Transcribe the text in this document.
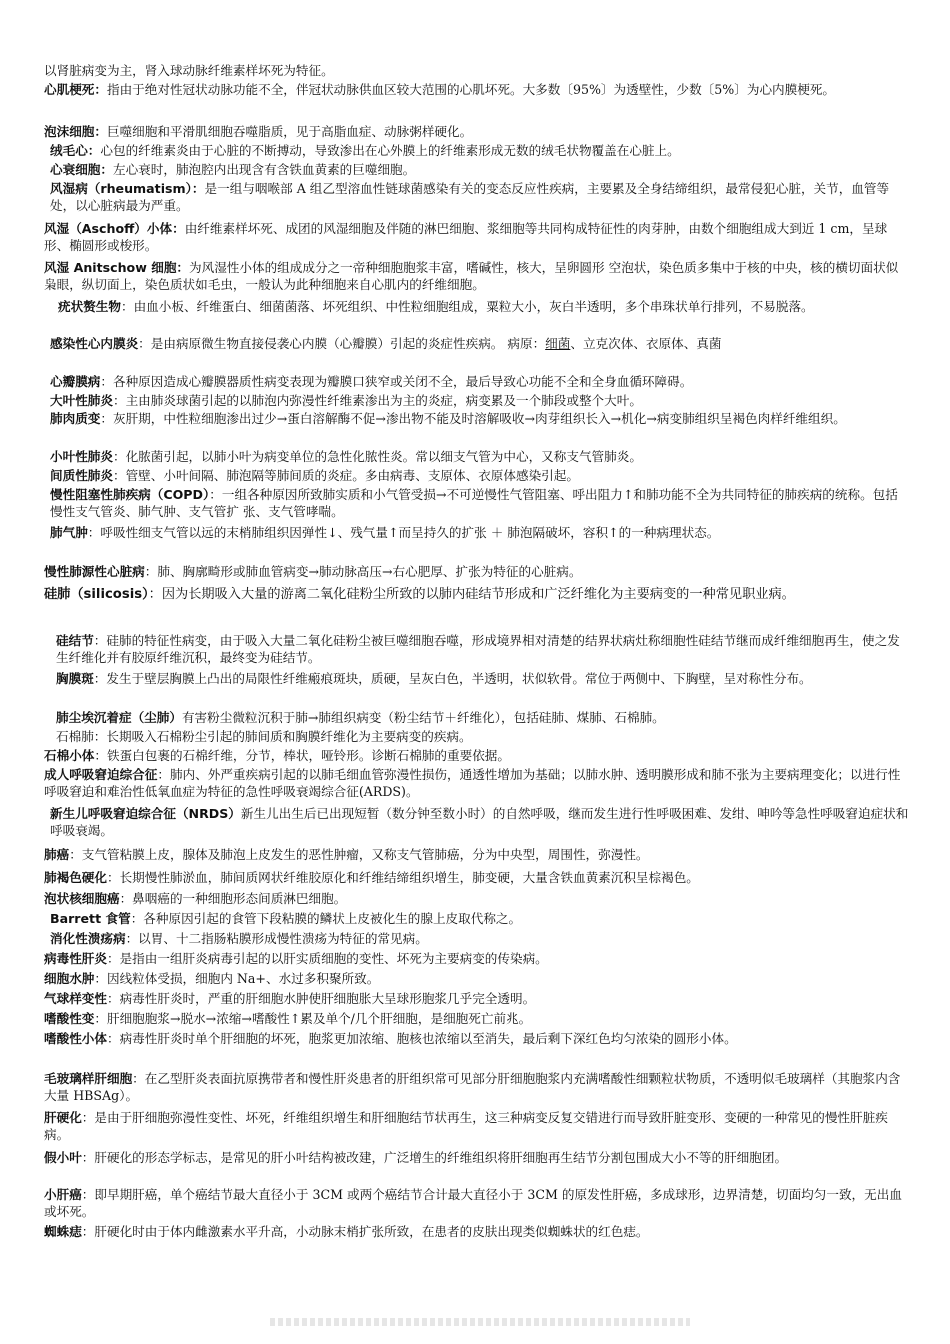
以肾脏病变为主，肾入球动脉纤维素样坏死为特征。
心肌梗死：指由于绝对性冠状动脉功能不全，伴冠状动脉供血区较大范围的心肌坏死。大多数〔95%〕为透壁性，少数〔5%〕为心内膜梗死。
泡沫细胞：巨噬细胞和平滑肌细胞吞噬脂质，见于高脂血症、动脉粥样硬化。
绒毛心：心包的纤维素炎由于心脏的不断搏动，导致渗出在心外膜上的纤维素形成无数的绒毛状物覆盖在心脏上。
心衰细胞：左心衰时，肺泡腔内出现含有含铁血黄素的巨噬细胞。
风湿病（rheumatism）：是一组与咽喉部 A 组乙型溶血性链球菌感染有关的变态反应性疾病，主要累及全身结缔组织，最常侵犯心脏，关节，血管等处，以心脏病最为严重。
风湿（Aschoff）小体：由纤维素样坏死、成团的风湿细胞及伴随的淋巴细胞、浆细胞等共同构成特征性的肉芽肿，由数个细胞组成大到近 1 cm，呈球形、椭圆形或梭形。
风湿 Anitschow 细胞：为风湿性小体的组成成分之一帝种细胞胞浆丰富，嗜碱性，核大，呈卵圆形 空泡状，染色质多集中于核的中央，核的横切面状似枭眼，纵切面上，染色质状如毛虫，一般认为此种细胞来自心肌内的纤维细胞。
疣状赘生物：由血小板、纤维蛋白、细菌菌落、坏死组织、中性粒细胞组成，粟粒大小，灰白半透明，多个串珠状单行排列，不易脱落。
感染性心内膜炎：是由病原微生物直接侵袭心内膜（心瓣膜）引起的炎症性疾病。 病原：细菌、立克次体、衣原体、真菌
心瓣膜病：各种原因造成心瓣膜器质性病变表现为瓣膜口狭窄或关闭不全，最后导致心功能不全和全身血循环障碍。
大叶性肺炎：主由肺炎球菌引起的以肺泡内弥漫性纤维素渗出为主的炎症，病变累及一个肺段或整个大叶。
肺肉质变：灰肝期，中性粒细胞渗出过少→蛋白溶解酶不促→渗出物不能及时溶解吸收→肉芽组织长入→机化→病变肺组织呈褐色肉样纤维组织。
小叶性肺炎：化脓菌引起，以肺小叶为病变单位的急性化脓性炎。常以细支气管为中心，又称支气管肺炎。
间质性肺炎：管壁、小叶间隔、肺泡隔等肺间质的炎症。多由病毒、支原体、衣原体感染引起。
慢性阻塞性肺疾病（COPD）：一组各种原因所致肺实质和小气管受损→不可逆慢性气管阻塞、呼出阻力↑和肺功能不全为共同特征的肺疾病的统称。包括慢性支气管炎、肺气肿、支气管扩 张、支气管哮喘。
肺气肿：呼吸性细支气管以远的末梢肺组织因弹性↓、残气量↑而呈持久的扩张 ＋ 肺泡隔破坏，容积↑的一种病理状态。
慢性肺源性心脏病：肺、胸廓畸形或肺血管病变→肺动脉高压→右心肥厚、扩张为特征的心脏病。
硅肺（silicosis）：因为长期吸入大量的游离二氧化硅粉尘所致的以肺内硅结节形成和广泛纤维化为主要病变的一种常见职业病。
硅结节：硅肺的特征性病变，由于吸入大量二氧化硅粉尘被巨噬细胞吞噬，形成境界相对清楚的结界状病灶称细胞性硅结节继而成纤维细胞再生，使之发生纤维化并有胶原纤维沉积，最终变为硅结节。
胸膜斑：发生于壁层胸膜上凸出的局限性纤维瘢痕斑块，质硬，呈灰白色，半透明，状似软骨。常位于两侧中、下胸壁，呈对称性分布。
肺尘埃沉着症（尘肺）有害粉尘微粒沉积于肺→肺组织病变（粉尘结节＋纤维化），包括硅肺、煤肺、石棉肺。
石棉肺：长期吸入石棉粉尘引起的肺间质和胸膜纤维化为主要病变的疾病。
石棉小体：铁蛋白包裹的石棉纤维，分节，棒状，哑铃形。诊断石棉肺的重要依据。
成人呼吸窘迫综合征：肺内、外严重疾病引起的以肺毛细血管弥漫性损伤，通透性增加为基础；以肺水肿、透明膜形成和肺不张为主要病理变化；以进行性呼吸窘迫和难治性低氧血症为特征的急性呼吸衰竭综合征(ARDS)。
新生儿呼吸窘迫综合征（NRDS）新生儿出生后已出现短暂（数分钟至数小时）的自然呼吸，继而发生进行性呼吸困难、发绀、呻吟等急性呼吸窘迫症状和呼吸衰竭。
肺癌：支气管粘膜上皮，腺体及肺泡上皮发生的恶性肿瘤，又称支气管肺癌，分为中央型，周围性，弥漫性。
肺褐色硬化：长期慢性肺淤血，肺间质网状纤维胶原化和纤维结缔组织增生，肺变硬，大量含铁血黄素沉积呈棕褐色。
泡状核细胞癌：鼻咽癌的一种细胞形态间质淋巴细胞。
Barrett 食管：各种原因引起的食管下段粘膜的鳞状上皮被化生的腺上皮取代称之。
消化性溃疡病：以胃、十二指肠粘膜形成慢性溃疡为特征的常见病。
病毒性肝炎：是指由一组肝炎病毒引起的以肝实质细胞的变性、坏死为主要病变的传染病。
细胞水肿：因线粒体受损，细胞内 Na+、水过多积聚所致。
气球样变性：病毒性肝炎时，严重的肝细胞水肿使肝细胞胀大呈球形胞浆几乎完全透明。
嗜酸性变：肝细胞胞浆→脱水→浓缩→嗜酸性↑累及单个/几个肝细胞，是细胞死亡前兆。
嗜酸性小体：病毒性肝炎时单个肝细胞的坏死，胞浆更加浓缩、胞核也浓缩以至消失，最后剩下深红色均匀浓染的圆形小体。
毛玻璃样肝细胞：在乙型肝炎表面抗原携带者和慢性肝炎患者的肝组织常可见部分肝细胞胞浆内充满嗜酸性细颗粒状物质，不透明似毛玻璃样（其胞浆内含大量 HBSAg）。
肝硬化：是由于肝细胞弥漫性变性、坏死，纤维组织增生和肝细胞结节状再生，这三种病变反复交错进行而导致肝脏变形、变硬的一种常见的慢性肝脏疾病。
假小叶：肝硬化的形态学标志，是常见的肝小叶结构被改建，广泛增生的纤维组织将肝细胞再生结节分割包围成大小不等的肝细胞团。
小肝癌：即早期肝癌，单个癌结节最大直径小于 3CM 或两个癌结节合计最大直径小于 3CM 的原发性肝癌，多成球形，边界清楚，切面均匀一致，无出血或坏死。
蜘蛛痣：肝硬化时由于体内雌激素水平升高，小动脉末梢扩张所致，在患者的皮肤出现类似蜘蛛状的红色痣。
